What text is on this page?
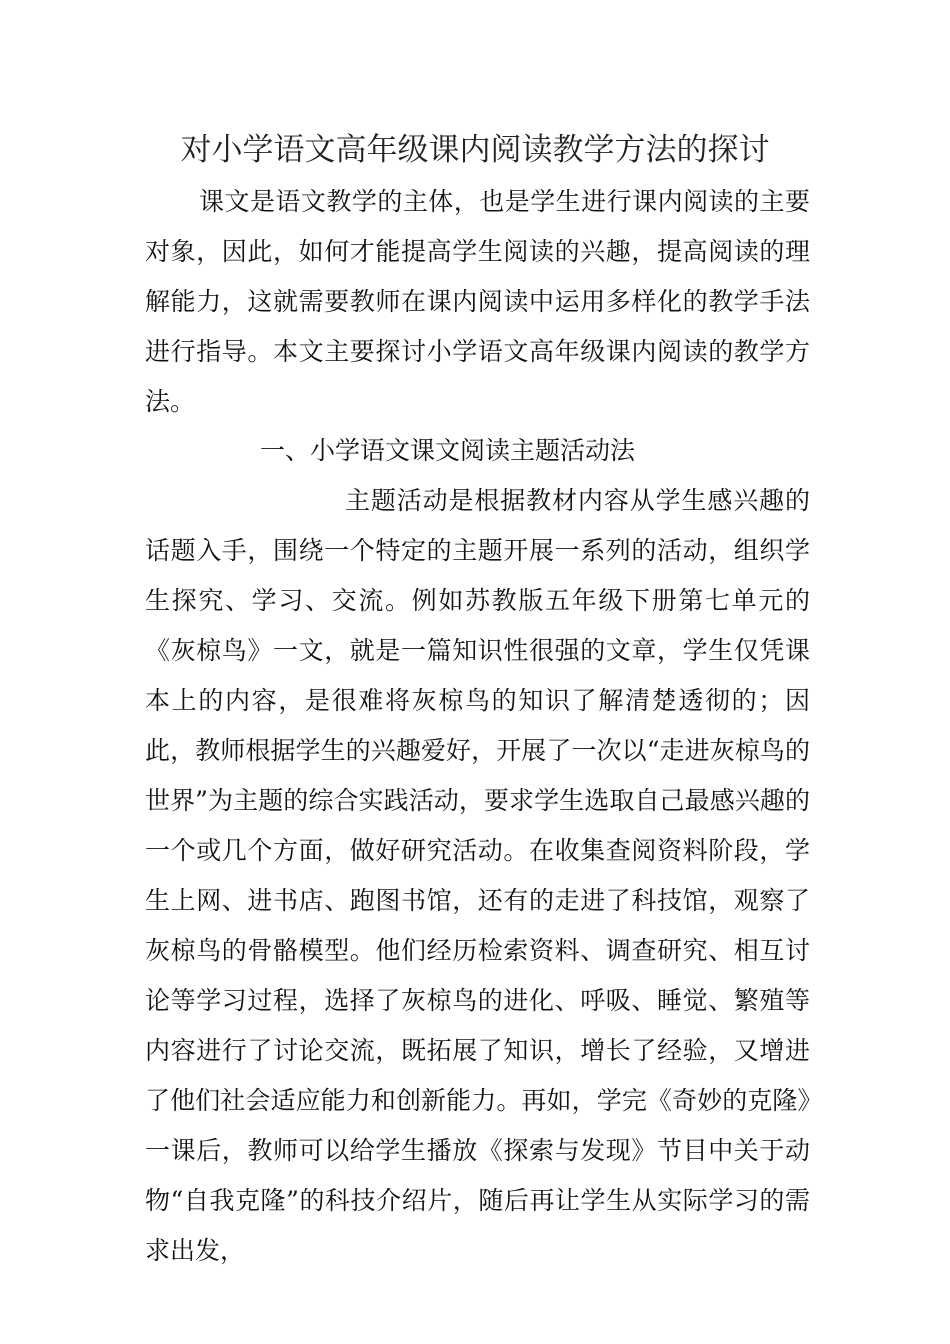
对小学语文高年级课内阅读教学方法的探讨

课文是语文教学的主体，也是学生进行课内阅读的主要对象，因此，如何才能提高学生阅读的兴趣，提高阅读的理解能力，这就需要教师在课内阅读中运用多样化的教学手法进行指导。本文主要探讨小学语文高年级课内阅读的教学方法。

一、小学语文课文阅读主题活动法

主题活动是根据教材内容从学生感兴趣的话题入手，围绕一个特定的主题开展一系列的活动，组织学生探究、学习、交流。例如苏教版五年级下册第七单元的《灰椋鸟》一文，就是一篇知识性很强的文章，学生仅凭课本上的内容，是很难将灰椋鸟的知识了解清楚透彻的；因此，教师根据学生的兴趣爱好，开展了一次以“走进灰椋鸟的世界”为主题的综合实践活动，要求学生选取自己最感兴趣的一个或几个方面，做好研究活动。在收集查阅资料阶段，学生上网、进书店、跑图书馆，还有的走进了科技馆，观察了灰椋鸟的骨骼模型。他们经历检索资料、调查研究、相互讨论等学习过程，选择了灰椋鸟的进化、呼吸、睡觉、繁殖等内容进行了讨论交流，既拓展了知识，增长了经验，又增进了他们社会适应能力和创新能力。再如，学完《奇妙的克隆》一课后，教师可以给学生播放《探索与发现》节目中关于动物“自我克隆”的科技介绍片，随后再让学生从实际学习的需求出发，
